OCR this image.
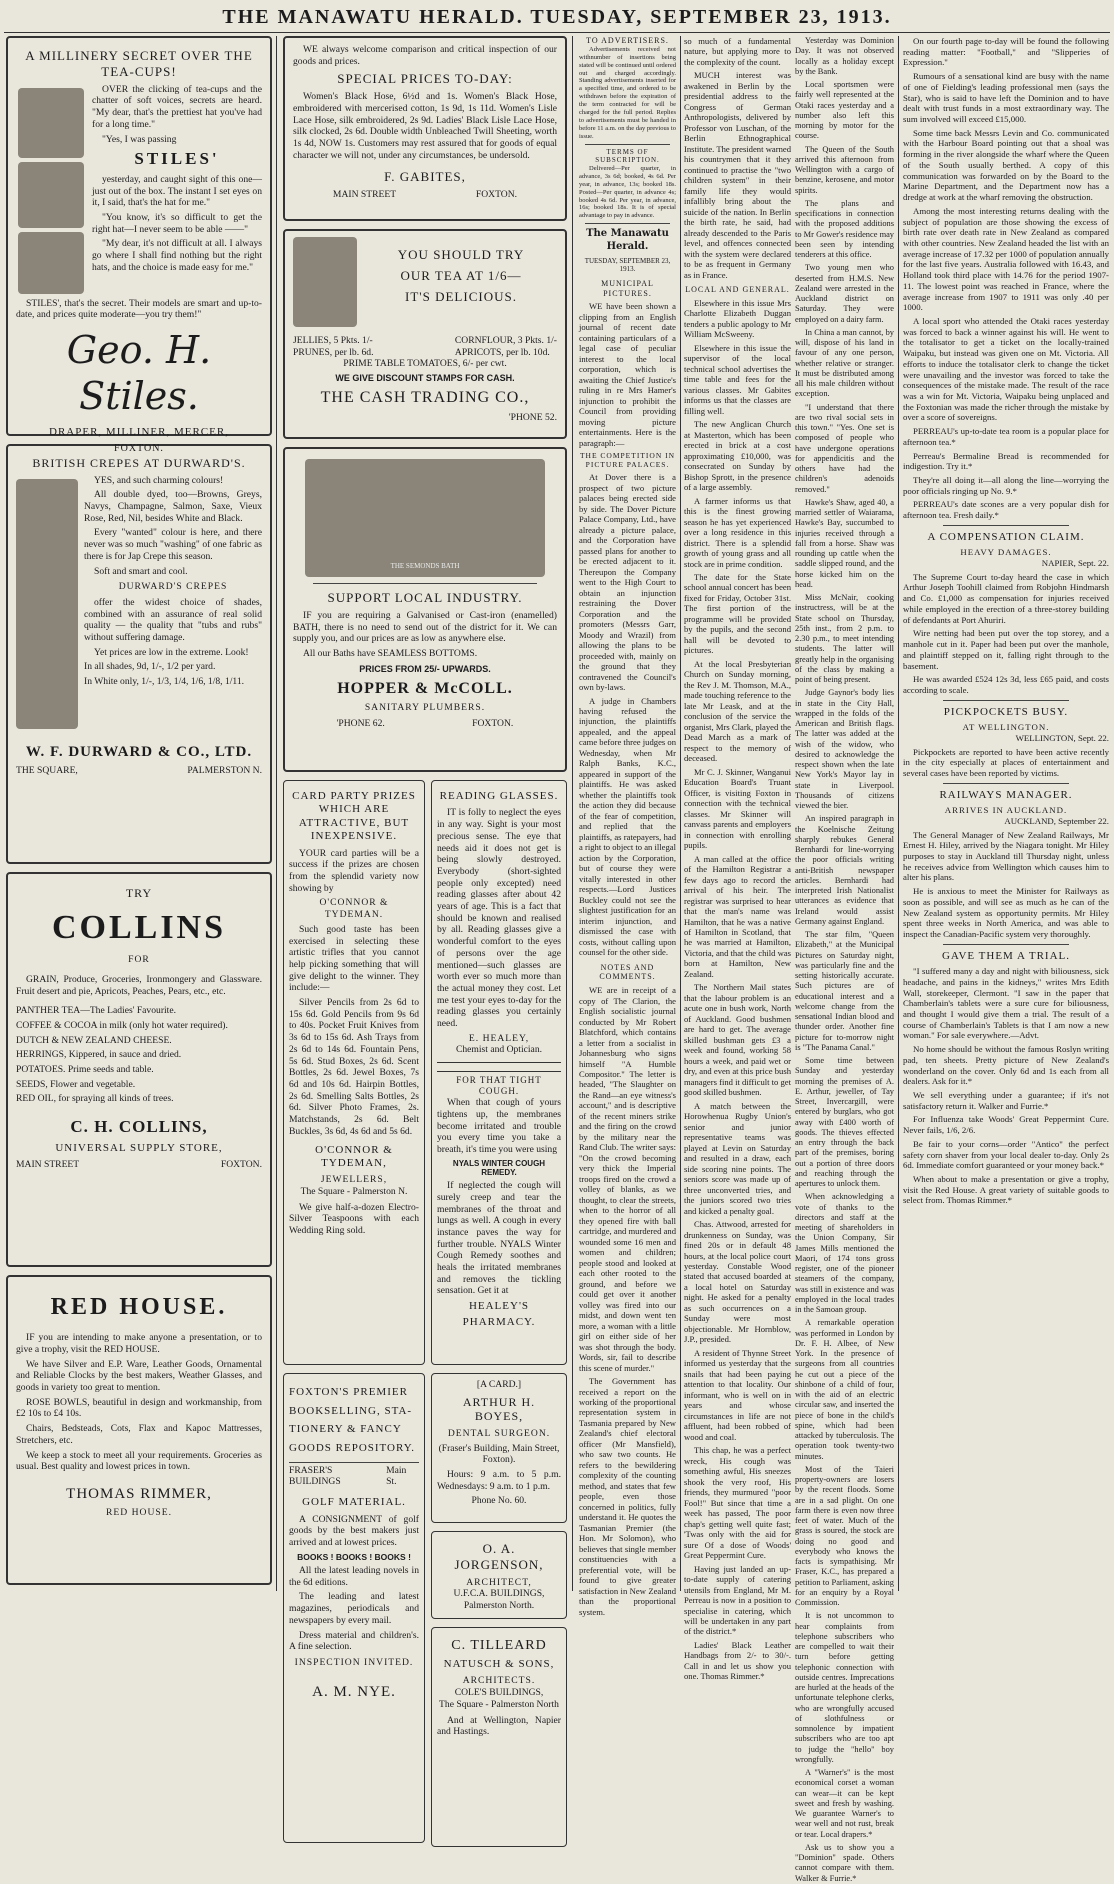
THE MANAWATU HERALD. TUESDAY, SEPTEMBER 23, 1913.
A MILLINERY SECRET OVER THE TEA-CUPS!

OVER the clicking of tea-cups and the chatter of soft voices, secrets are heard. "My dear, that's the prettiest hat you've had for a long time."

"Yes, I was passing

STILES'

yesterday, and caught sight of this one—just out of the box. The instant I set eyes on it, I said, that's the hat for me."

"You know, it's so difficult to get the right hat—I never seem to be able ——"

"My dear, it's not difficult at all. I always go where I shall find nothing but the right hats, and the choice is made easy for me."

STILES', that's the secret. Their models are smart and up-to-date, and prices quite moderate—you try them!"

Geo. H. Stiles.
DRAPER, MILLINER, MERCER,
FOXTON.
BRITISH CREPES AT DURWARD'S.

YES, and such charming colours!

All double dyed, too—Browns, Greys, Navys, Champagne, Salmon, Saxe, Vieux Rose, Red, Nil, besides White and Black.

Every "wanted" colour is here, and there never was so much "washing" of one fabric as there is for Jap Crepe this season.

Soft and smart and cool.

DURWARD'S CREPES

offer the widest choice of shades, combined with an assurance of real solid quality — the quality that "tubs and rubs" without suffering damage.

Yet prices are low in the extreme. Look!

In all shades, 9d, 1/-, 1/2 per yard.

In White only, 1/-, 1/3, 1/4, 1/6, 1/8, 1/11.

W. F. DURWARD & CO., LTD.
THE SQUARE,	PALMERSTON N.
TRY
COLLINS
FOR

GRAIN, Produce, Groceries, Ironmongery and Glassware. Fruit desert and pie, Apricots, Peaches, Pears, etc., etc.

PANTHER TEA—The Ladies' Favourite.

COFFEE & COCOA in milk (only hot water required).

DUTCH & NEW ZEALAND CHEESE.

HERRINGS, Kippered, in sauce and dried.

POTATOES. Prime seeds and table.

SEEDS, Flower and vegetable.

RED OIL, for spraying all kinds of trees.

C. H. COLLINS,
UNIVERSAL SUPPLY STORE,
MAIN STREET	FOXTON.
RED HOUSE.

IF you are intending to make anyone a presentation, or to give a trophy, visit the RED HOUSE.

We have Silver and E.P. Ware, Leather Goods, Ornamental and Reliable Clocks by the best makers, Weather Glasses, and goods in variety too great to mention.

ROSE BOWLS, beautiful in design and workmanship, from £2 10s to £4 10s.

Chairs, Bedsteads, Cots, Flax and Kapoc Mattresses, Stretchers, etc.

We keep a stock to meet all your requirements. Groceries as usual. Best quality and lowest prices in town.

THOMAS RIMMER,
RED HOUSE.

WE always welcome comparison and critical inspection of our goods and prices.

SPECIAL PRICES TO-DAY:

Women's Black Hose, 6½d and 1s. Women's Black Hose, embroidered with mercerised cotton, 1s 9d, 1s 11d. Women's Lisle Lace Hose, silk embroidered, 2s 9d. Ladies' Black Lisle Lace Hose, silk clocked, 2s 6d. Double width Unbleached Twill Sheeting, worth 1s 4d, NOW 1s. Customers may rest assured that for goods of equal character we will not, under any circumstances, be undersold.

F. GABITES,
MAIN STREET	FOXTON.
YOU SHOULD TRY
OUR TEA AT 1/6—
IT'S DELICIOUS.
JELLIES, 5 Pkts. 1/-
PRUNES, per lb. 6d.
CORNFLOUR, 3 Pkts. 1/-
APRICOTS, per lb. 10d.
PRIME TABLE TOMATOES, 6/- per cwt.
WE GIVE DISCOUNT STAMPS FOR CASH.
THE CASH TRADING CO.,
'PHONE 52.
THE SEMONDS BATH
SUPPORT LOCAL INDUSTRY.

IF you are requiring a Galvanised or Cast-iron (enamelled) BATH, there is no need to send out of the district for it. We can supply you, and our prices are as low as anywhere else.

All our Baths have SEAMLESS BOTTOMS.

PRICES FROM 25/- UPWARDS.
HOPPER & McCOLL.
SANITARY PLUMBERS.
'PHONE 62.	FOXTON.
CARD PARTY PRIZES WHICH ARE ATTRACTIVE, BUT INEXPENSIVE.

YOUR card parties will be a success if the prizes are chosen from the splendid variety now showing by

O'CONNOR & TYDEMAN.

Such good taste has been exercised in selecting these artistic trifles that you cannot help picking something that will give delight to the winner. They include:—

Silver Pencils from 2s 6d to 15s 6d. Gold Pencils from 9s 6d to 40s. Pocket Fruit Knives from 3s 6d to 15s 6d. Ash Trays from 2s 6d to 14s 6d. Fountain Pens, 5s 6d. Stud Boxes, 2s 6d. Scent Bottles, 2s 6d. Jewel Boxes, 7s 6d and 10s 6d. Hairpin Bottles, 2s 6d. Smelling Salts Bottles, 2s 6d. Silver Photo Frames, 2s. Matchstands, 2s 6d. Belt Buckles, 3s 6d, 4s 6d and 5s 6d.

O'CONNOR & TYDEMAN,
JEWELLERS,
The Square - Palmerston N.

We give half-a-dozen Electro-Silver Teaspoons with each Wedding Ring sold.

FOXTON'S PREMIER
BOOKSELLING, STA-
TIONERY & FANCY
GOODS REPOSITORY.
FRASER'S BUILDINGS
Main St.
GOLF MATERIAL.

A CONSIGNMENT of golf goods by the best makers just arrived and at lowest prices.

BOOKS ! BOOKS ! BOOKS !

All the latest leading novels in the 6d editions.

The leading and latest magazines, periodicals and newspapers by every mail.

Dress material and children's. A fine selection.

INSPECTION INVITED.
A. M. NYE.
READING GLASSES.

IT is folly to neglect the eyes in any way. Sight is your most precious sense. The eye that needs aid it does not get is being slowly destroyed. Everybody (short-sighted people only excepted) need reading glasses after about 42 years of age. This is a fact that should be known and realised by all. Reading glasses give a wonderful comfort to the eyes of persons over the age mentioned—such glasses are worth ever so much more than the actual money they cost. Let me test your eyes to-day for the reading glasses you certainly need.

E. HEALEY,
Chemist and Optician.
FOR THAT TIGHT COUGH.

When that cough of yours tightens up, the membranes become irritated and trouble you every time you take a breath, it's time you were using

NYALS WINTER COUGH REMEDY.

If neglected the cough will surely creep and tear the membranes of the throat and lungs as well. A cough in every instance paves the way for further trouble. NYALS Winter Cough Remedy soothes and heals the irritated membranes and removes the tickling sensation. Get it at

HEALEY'S
PHARMACY.
[A CARD.]
ARTHUR H. BOYES,
DENTAL SURGEON.
(Fraser's Building, Main Street, Foxton).

Hours: 9 a.m. to 5 p.m. Wednesdays: 9 a.m. to 1 p.m.

Phone No. 60.
O. A. JORGENSON,
ARCHITECT,
U.F.C.A. BUILDINGS,
Palmerston North.
C. TILLEARD
NATUSCH & SONS,
ARCHITECTS.
COLE'S BUILDINGS,
The Square - Palmerston North

And at Wellington, Napier and Hastings.

TO ADVERTISERS.

Advertisements received not withnumber of insertions being stated will be continued until ordered out and charged accordingly. Standing advertisements inserted for a specified time, and ordered to be withdrawn before the expiration of the term contracted for will be charged for the full period. Replies to advertisements must be handed in before 11 a.m. on the day previous to issue.

TERMS OF SUBSCRIPTION.

Delivered—Per quarter, in advance, 3s 6d; booked, 4s 6d. Per year, in advance, 13s; booked 18s. Posted—Per quarter, in advance 4s; booked 4s 6d. Per year, in advance, 16s; booked 18s. It is of special advantage to pay in advance.

The Manawatu Herald.
TUESDAY, SEPTEMBER 23, 1913.
MUNICIPAL PICTURES.

WE have been shown a clipping from an English journal of recent date containing particulars of a legal case of peculiar interest to the local corporation, which is awaiting the Chief Justice's ruling in re Mrs Hamer's injunction to prohibit the Council from providing moving picture entertainments. Here is the paragraph:—

THE COMPETITION IN PICTURE PALACES.

At Dover there is a prospect of two picture palaces being erected side by side. The Dover Picture Palace Company, Ltd., have already a picture palace, and the Corporation have passed plans for another to be erected adjacent to it. Thereupon the Company went to the High Court to obtain an injunction restraining the Dover Corporation and the promoters (Messrs Garr, Moody and Wrazil) from allowing the plans to be proceeded with, mainly on the ground that they contravened the Council's own by-laws.

A judge in Chambers having refused the injunction, the plaintiffs appealed, and the appeal came before three judges on Wednesday, when Mr Ralph Banks, K.C., appeared in support of the plaintiffs. He was asked whether the plaintiffs took the action they did because of the fear of competition, and replied that the plaintiffs, as ratepayers, had a right to object to an illegal action by the Corporation, but of course they were vitally interested in other respects.—Lord Justices Buckley could not see the slightest justification for an interim injunction, and dismissed the case with costs, without calling upon counsel for the other side.

NOTES AND COMMENTS.

WE are in receipt of a copy of The Clarion, the English socialistic journal conducted by Mr Robert Blatchford, which contains a letter from a socialist in Johannesburg who signs himself "A Humble Compositor." The letter is headed, "The Slaughter on the Rand—an eye witness's account," and is descriptive of the recent miners strike and the firing on the crowd by the military near the Rand Club. The writer says: "On the crowd becoming very thick the Imperial troops fired on the crowd a volley of blanks, as we thought, to clear the streets, when to the horror of all they opened fire with ball cartridge, and murdered and wounded some 16 men and women and children; people stood and looked at each other rooted to the ground, and before we could get over it another volley was fired into our midst, and down went ten more, a woman with a little girl on either side of her was shot through the body. Words, sir, fail to describe this scene of murder."

The Government has received a report on the working of the proportional representation system in Tasmania prepared by New Zealand's chief electoral officer (Mr Mansfield), who saw two counts. He refers to the bewildering complexity of the counting method, and states that few people, even those concerned in politics, fully understand it. He quotes the Tasmanian Premier (the Hon. Mr Solomon), who believes that single member constituencies with a preferential vote, will be found to give greater satisfaction in New Zealand than the proportional system.

so much of a fundamental nature, but applying more to the complexity of the count.

MUCH interest was awakened in Berlin by the presidential address to the Congress of German Anthropologists, delivered by Professor von Luschan, of the Berlin Ethnographical Institute. The president warned his countrymen that it they continued to practise the "two children system" in their family life they would infallibly bring about the suicide of the nation. In Berlin the birth rate, he said, had already descended to the Paris level, and offences connected with the system were declared to be as frequent in Germany as in France.

LOCAL AND GENERAL.

Elsewhere in this issue Mrs Charlotte Elizabeth Duggan tenders a public apology to Mr William McSweeny.

Elsewhere in this issue the supervisor of the local technical school advertises the time table and fees for the various classes. Mr Gabites informs us that the classes are filling well.

The new Anglican Church at Masterton, which has been erected in brick at a cost approximating £10,000, was consecrated on Sunday by Bishop Sprott, in the presence of a large assembly.

A farmer informs us that this is the finest growing season he has yet experienced over a long residence in this district. There is a splendid growth of young grass and all stock are in prime condition.

The date for the State school annual concert has been fixed for Friday, October 31st. The first portion of the programme will be provided by the pupils, and the second hall will be devoted to pictures.

At the local Presbyterian Church on Sunday morning, the Rev J. M. Thomson, M.A., made touching reference to the late Mr Leask, and at the conclusion of the service the organist, Mrs Clark, played the Dead March as a mark of respect to the memory of deceased.

Mr C. J. Skinner, Wanganui Education Board's Truant Officer, is visiting Foxton in connection with the technical classes. Mr Skinner will canvass parents and employers in connection with enrolling pupils.

A man called at the office of the Hamilton Registrar a few days ago to record the arrival of his heir. The registrar was surprised to hear that the man's name was Hamilton, that he was a native of Hamilton in Scotland, that he was married at Hamilton, Victoria, and that the child was born at Hamilton, New Zealand.

The Northern Mail states that the labour problem is an acute one in bush work, North of Auckland. Good bushmen are hard to get. The average skilled bushman gets £3 a week and found, working 58 hours a week, and paid wet or dry, and even at this price bush managers find it difficult to get good skilled bushmen.

A match between the Horowhenua Rugby Union's senior and junior representative teams was played at Levin on Saturday and resulted in a draw, each side scoring nine points. The seniors score was made up of three unconverted tries, and the juniors scored two tries and kicked a penalty goal.

Chas. Attwood, arrested for drunkenness on Sunday, was fined 20s or in default 48 hours, at the local police court yesterday. Constable Wood stated that accused boarded at a local hotel on Saturday night. He asked for a penalty as such occurrences on a Sunday were most objectionable. Mr Hornblow, J.P., presided.

A resident of Thynne Street informed us yesterday that the snails that had been paying attention to that locality. Our informant, who is well on in years and whose circumstances in life are not affluent, had been robbed of wood and coal.

This chap, he was a perfect wreck, His cough was something awful, His sneezes shook the very roof, His friends, they murmured "poor Fool!" But since that time a week has passed, The poor chap's getting well quite fast; 'Twas only with the aid for sure Of a dose of Woods' Great Peppermint Cure.

Having just landed an up-to-date supply of catering utensils from England, Mr M. Perreau is now in a position to specialise in catering, which will be undertaken in any part of the district.*

Ladies' Black Leather Handbags from 2/- to 30/-. Call in and let us show you one. Thomas Rimmer.*

Yesterday was Dominion Day. It was not observed locally as a holiday except by the Bank.

Local sportsmen were fairly well represented at the Otaki races yesterday and a number also left this morning by motor for the course.

The Queen of the South arrived this afternoon from Wellington with a cargo of benzine, kerosene, and motor spirits.

The plans and specifications in connection with the proposed additions to Mr Gower's residence may been seen by intending tenderers at this office.

Two young men who deserted from H.M.S. New Zealand were arrested in the Auckland district on Saturday. They were employed on a dairy farm.

In China a man cannot, by will, dispose of his land in favour of any one person, whether relative or stranger. It must be distributed among all his male children without exception.

"I understand that there are two rival social sets in this town." "Yes. One set is composed of people who have undergone operations for appendicitis and the others have had the children's adenoids removed."

Hawke's Shaw, aged 40, a married settler of Waiarama, Hawke's Bay, succumbed to injuries received through a fall from a horse. Shaw was rounding up cattle when the saddle slipped round, and the horse kicked him on the head.

Miss McNair, cooking instructress, will be at the State school on Thursday, 25th inst., from 2 p.m. to 2.30 p.m., to meet intending students. The latter will greatly help in the organising of the class by making a point of being present.

Judge Gaynor's body lies in state in the City Hall, wrapped in the folds of the American and British flags. The latter was added at the wish of the widow, who desired to acknowledge the respect shown when the late New York's Mayor lay in state in Liverpool. Thousands of citizens viewed the bier.

An inspired paragraph in the Koelnische Zeitung sharply rebukes General Bernhardi for line-worrying the poor officials writing anti-British newspaper articles. Bernhardi had interpreted Irish Nationalist utterances as evidence that Ireland would assist Germany against England.

The star film, "Queen Elizabeth," at the Municipal Pictures on Saturday night, was particularly fine and the setting historically accurate. Such pictures are of educational interest and a welcome change from the sensational Indian blood and thunder order. Another fine picture for to-morrow night is "The Panama Canal."

Some time between Sunday and yesterday morning the premises of A. E. Arthur, jeweller, of Tay Street, Invercargill, were entered by burglars, who got away with £400 worth of goods. The thieves effected an entry through the back part of the premises, boring out a portion of three doors and reaching through the apertures to unlock them.

When acknowledging a vote of thanks to the directors and staff at the meeting of shareholders in the Union Company, Sir James Mills mentioned the Maori, of 174 tons gross register, one of the pioneer steamers of the company, was still in existence and was employed in the local trades in the Samoan group.

A remarkable operation was performed in London by Dr. F. H. Albee, of New York. In the presence of surgeons from all countries he cut out a piece of the shinbone of a child of four, with the aid of an electric circular saw, and inserted the piece of bone in the child's spine, which had been attacked by tuberculosis. The operation took twenty-two minutes.

Most of the Taieri property-owners are losers by the recent floods. Some are in a sad plight. On one farm there is even now three feet of water. Much of the grass is soured, the stock are doing no good and everybody who knows the facts is sympathising. Mr Fraser, K.C., has prepared a petition to Parliament, asking for an enquiry by a Royal Commission.

It is not uncommon to hear complaints from telephone subscribers who are compelled to wait their turn before getting telephonic connection with outside centres. Imprecations are hurled at the heads of the unfortunate telephone clerks, who are wrongfully accused of slothfulness or somnolence by impatient subscribers who are too apt to judge the "hello" boy wrongfully.

A "Warner's" is the most economical corset a woman can wear—it can be kept sweet and fresh by washing. We guarantee Warner's to wear well and not rust, break or tear. Local drapers.*

Ask us to show you a "Dominion" spade. Others cannot compare with them. Walker & Furrie.*

On our fourth page to-day will be found the following reading matter: "Football," and "Slipperies of Expression."

Rumours of a sensational kind are busy with the name of one of Fielding's leading professional men (says the Star), who is said to have left the Dominion and to have dealt with trust funds in a most extraordinary way. The sum involved will exceed £15,000.

Some time back Messrs Levin and Co. communicated with the Harbour Board pointing out that a shoal was forming in the river alongside the wharf where the Queen of the South usually berthed. A copy of this communication was forwarded on by the Board to the Marine Department, and the Department now has a dredge at work at the wharf removing the obstruction.

Among the most interesting returns dealing with the subject of population are those showing the excess of birth rate over death rate in New Zealand as compared with other countries. New Zealand headed the list with an average increase of 17.32 per 1000 of population annually for the last five years. Australia followed with 16.43, and Holland took third place with 14.76 for the period 1907-11. The lowest point was reached in France, where the average increase from 1907 to 1911 was only .40 per 1000.

A local sport who attended the Otaki races yesterday was forced to back a winner against his will. He went to the totalisator to get a ticket on the locally-trained Waipaku, but instead was given one on Mt. Victoria. All efforts to induce the totalisator clerk to change the ticket were unavailing and the investor was forced to take the consequences of the mistake made. The result of the race was a win for Mt. Victoria, Waipaku being unplaced and the Foxtonian was made the richer through the mistake by over a score of sovereigns.

PERREAU's up-to-date tea room is a popular place for afternoon tea.*

Perreau's Bermaline Bread is recommended for indigestion. Try it.*

They're all doing it—all along the line—worrying the poor officials ringing up No. 9.*

PERREAU's date scones are a very popular dish for afternoon tea. Fresh daily.*

A COMPENSATION CLAIM.
HEAVY DAMAGES.

NAPIER, Sept. 22.

The Supreme Court to-day heard the case in which Arthur Joseph Toohill claimed from Robjohn Hindmarsh and Co. £1,000 as compensation for injuries received while employed in the erection of a three-storey building of defendants at Port Ahuriri.

Wire netting had been put over the top storey, and a manhole cut in it. Paper had been put over the manhole, and plaintiff stepped on it, falling right through to the basement.

He was awarded £524 12s 3d, less £65 paid, and costs according to scale.

PICKPOCKETS BUSY.
AT WELLINGTON.

WELLINGTON, Sept. 22.

Pickpockets are reported to have been active recently in the city especially at places of entertainment and several cases have been reported by victims.

RAILWAYS MANAGER.
ARRIVES IN AUCKLAND.

AUCKLAND, September 22.

The General Manager of New Zealand Railways, Mr Ernest H. Hiley, arrived by the Niagara tonight. Mr Hiley purposes to stay in Auckland till Thursday night, unless he receives advice from Wellington which causes him to alter his plans.

He is anxious to meet the Minister for Railways as soon as possible, and will see as much as he can of the New Zealand system as opportunity permits. Mr Hiley spent three weeks in North America, and was able to inspect the Canadian-Pacific system very thoroughly.

GAVE THEM A TRIAL.

"I suffered many a day and night with biliousness, sick headache, and pains in the kidneys," writes Mrs Edith Wall, storekeeper, Clermont. "I saw in the paper that Chamberlain's tablets were a sure cure for biliousness, and thought I would give them a trial. The result of a course of Chamberlain's Tablets is that I am now a new woman." For sale everywhere.—Advt.

No home should be without the famous Roslyn writing pad, ten sheets. Pretty picture of New Zealand's wonderland on the cover. Only 6d and 1s each from all dealers. Ask for it.*

We sell everything under a guarantee; if it's not satisfactory return it. Walker and Furrie.*

For Influenza take Woods' Great Peppermint Cure. Never fails, 1/6, 2/6.

Be fair to your corns—order "Antico" the perfect safety corn shaver from your local dealer to-day. Only 2s 6d. Immediate comfort guaranteed or your money back.*

When about to make a presentation or give a trophy, visit the Red House. A great variety of suitable goods to select from. Thomas Rimmer.*
